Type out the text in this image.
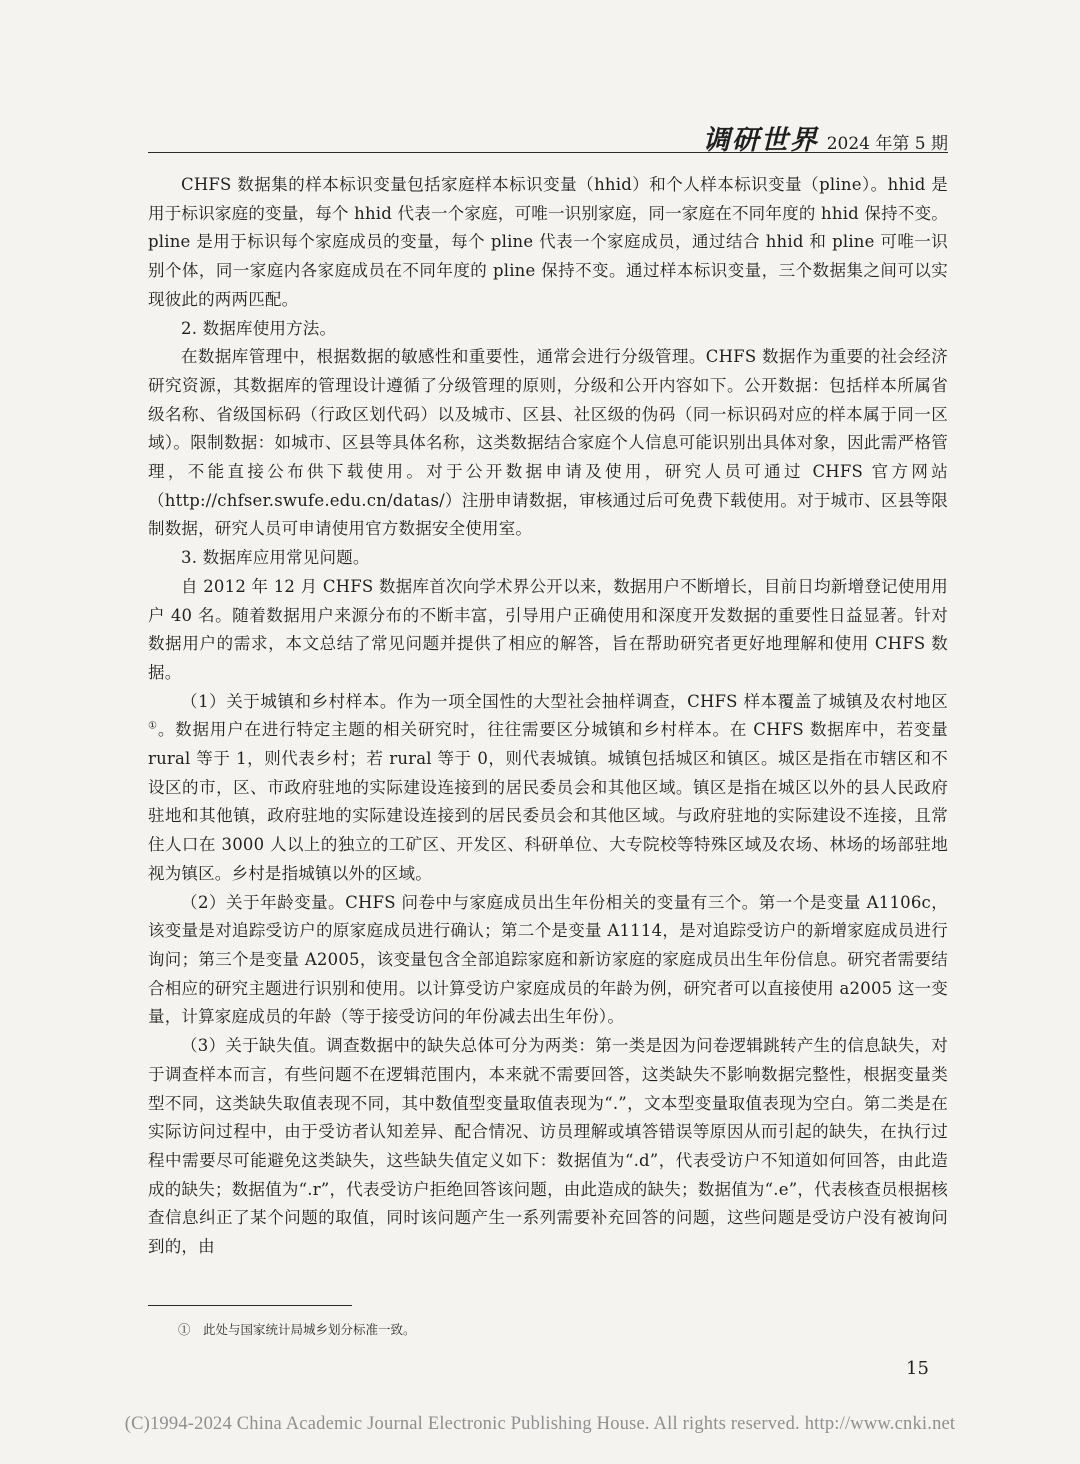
调研世界 2024 年第 5 期

CHFS 数据集的样本标识变量包括家庭样本标识变量（hhid）和个人样本标识变量（pline）。hhid 是用于标识家庭的变量，每个 hhid 代表一个家庭，可唯一识别家庭，同一家庭在不同年度的 hhid 保持不变。pline 是用于标识每个家庭成员的变量，每个 pline 代表一个家庭成员，通过结合 hhid 和 pline 可唯一识别个体，同一家庭内各家庭成员在不同年度的 pline 保持不变。通过样本标识变量，三个数据集之间可以实现彼此的两两匹配。

2. 数据库使用方法。

在数据库管理中，根据数据的敏感性和重要性，通常会进行分级管理。CHFS 数据作为重要的社会经济研究资源，其数据库的管理设计遵循了分级管理的原则，分级和公开内容如下。公开数据：包括样本所属省级名称、省级国标码（行政区划代码）以及城市、区县、社区级的伪码（同一标识码对应的样本属于同一区域）。限制数据：如城市、区县等具体名称，这类数据结合家庭个人信息可能识别出具体对象，因此需严格管理，不能直接公布供下载使用。对于公开数据申请及使用，研究人员可通过 CHFS 官方网站（http://chfser.swufe.edu.cn/datas/）注册申请数据，审核通过后可免费下载使用。对于城市、区县等限制数据，研究人员可申请使用官方数据安全使用室。

3. 数据库应用常见问题。

自 2012 年 12 月 CHFS 数据库首次向学术界公开以来，数据用户不断增长，目前日均新增登记使用用户 40 名。随着数据用户来源分布的不断丰富，引导用户正确使用和深度开发数据的重要性日益显著。针对数据用户的需求，本文总结了常见问题并提供了相应的解答，旨在帮助研究者更好地理解和使用 CHFS 数据。

（1）关于城镇和乡村样本。作为一项全国性的大型社会抽样调查，CHFS 样本覆盖了城镇及农村地区①。数据用户在进行特定主题的相关研究时，往往需要区分城镇和乡村样本。在 CHFS 数据库中，若变量 rural 等于 1，则代表乡村；若 rural 等于 0，则代表城镇。城镇包括城区和镇区。城区是指在市辖区和不设区的市，区、市政府驻地的实际建设连接到的居民委员会和其他区域。镇区是指在城区以外的县人民政府驻地和其他镇，政府驻地的实际建设连接到的居民委员会和其他区域。与政府驻地的实际建设不连接，且常住人口在 3000 人以上的独立的工矿区、开发区、科研单位、大专院校等特殊区域及农场、林场的场部驻地视为镇区。乡村是指城镇以外的区域。

（2）关于年龄变量。CHFS 问卷中与家庭成员出生年份相关的变量有三个。第一个是变量 A1106c，该变量是对追踪受访户的原家庭成员进行确认；第二个是变量 A1114，是对追踪受访户的新增家庭成员进行询问；第三个是变量 A2005，该变量包含全部追踪家庭和新访家庭的家庭成员出生年份信息。研究者需要结合相应的研究主题进行识别和使用。以计算受访户家庭成员的年龄为例，研究者可以直接使用 a2005 这一变量，计算家庭成员的年龄（等于接受访问的年份减去出生年份）。

（3）关于缺失值。调查数据中的缺失总体可分为两类：第一类是因为问卷逻辑跳转产生的信息缺失，对于调查样本而言，有些问题不在逻辑范围内，本来就不需要回答，这类缺失不影响数据完整性，根据变量类型不同，这类缺失取值表现不同，其中数值型变量取值表现为“.”，文本型变量取值表现为空白。第二类是在实际访问过程中，由于受访者认知差异、配合情况、访员理解或填答错误等原因从而引起的缺失，在执行过程中需要尽可能避免这类缺失，这些缺失值定义如下：数据值为“.d”，代表受访户不知道如何回答，由此造成的缺失；数据值为“.r”，代表受访户拒绝回答该问题，由此造成的缺失；数据值为“.e”，代表核查员根据核查信息纠正了某个问题的取值，同时该问题产生一系列需要补充回答的问题，这些问题是受访户没有被询问到的，由

①　此处与国家统计局城乡划分标准一致。
15
(C)1994-2024 China Academic Journal Electronic Publishing House. All rights reserved. http://www.cnki.net
